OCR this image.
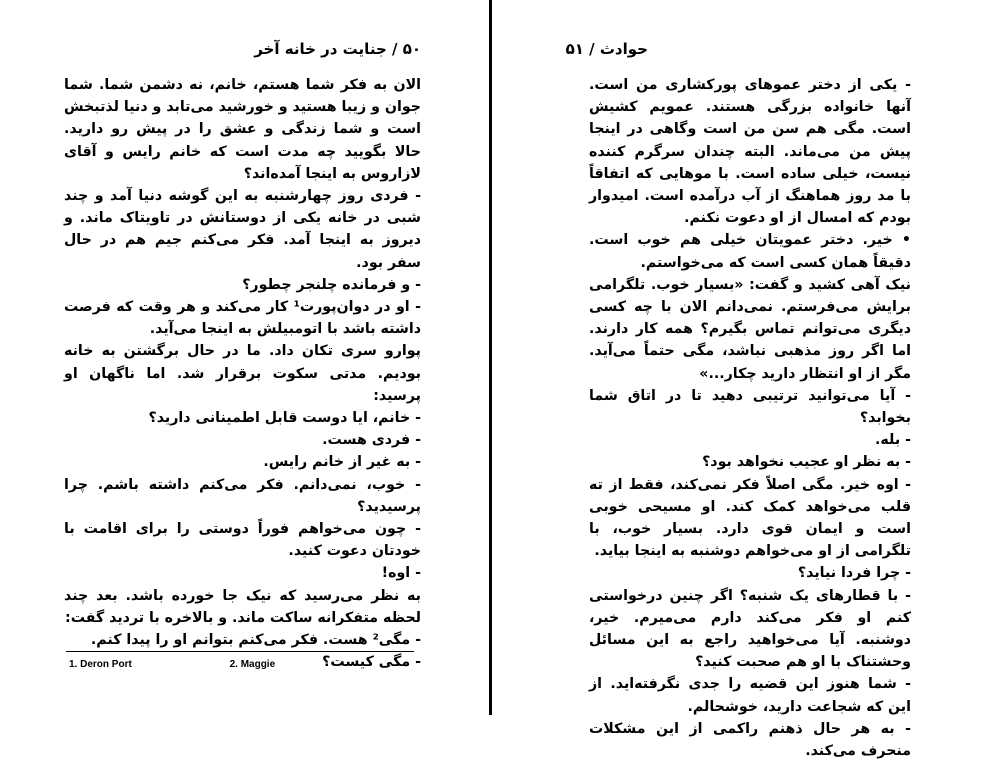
۵۰ / جنایت در خانه آخر

الان به فکر شما هستم، خانم، نه دشمن شما. شما جوان و زیبا هستید و خورشید می‌تابد و دنیا لذتبخش است و شما زندگی و عشق را در پیش رو دارید. حالا بگویید چه مدت است که خانم رایس و آقای لازاروس به اینجا آمده‌اند؟

- فردی روز چهارشنبه به این گوشه دنیا آمد و چند شبی در خانه یکی از دوستانش در تاویتاک ماند. و دیروز به اینجا آمد. فکر می‌کنم جیم هم در حال سفر بود.

- و فرمانده چلنجر چطور؟

- او در دوان‌پورت¹ کار می‌کند و هر وقت که فرصت داشته باشد با اتومبیلش به اینجا می‌آید.

پوارو سری تکان داد. ما در حال برگشتن به خانه بودیم. مدتی سکوت برقرار شد. اما ناگهان او پرسید:

- خانم، ایا دوست قابل اطمینانی دارید؟

- فردی هست.

- به غیر از خانم رایس.

- خوب، نمی‌دانم. فکر می‌کنم داشته باشم. چرا پرسیدید؟

- چون می‌خواهم فوراً دوستی را برای اقامت با خودتان دعوت کنید.

- اوه!

به نظر می‌رسید که نیک جا خورده باشد. بعد چند لحظه متفکرانه ساکت ماند. و بالاخره با تردید گفت:

- مگی² هست. فکر می‌کنم بتوانم او را پیدا کنم.

- مگی کیست؟

1. Deron Port	2. Maggie
حوادث / ۵۱

- یکی از دختر عموهای پورکشاری من است. آنها خانواده بزرگی هستند. عمویم کشیش است. مگی هم سن من است وگاهی در اینجا پیش من می‌ماند. البته چندان سرگرم کننده نیست، خیلی ساده است. با موهایی که اتفاقاً با مد روز هماهنگ از آب درآمده است. امیدوار بودم که امسال از او دعوت نکنم.

• خیر. دختر عمویتان خیلی هم خوب است. دقیقاً همان کسی است که می‌خواستم.

نیک آهی کشید و گفت: «بسیار خوب. تلگرامی برایش می‌فرستم. نمی‌دانم الان با چه کسی دیگری می‌توانم تماس بگیرم؟ همه کار دارند. اما اگر روز مذهبی نباشد، مگی حتماً می‌آید. مگر از او انتظار دارید چکار...»

- آیا می‌توانید ترتیبی دهید تا در اتاق شما بخوابد؟

- بله.

- به نظر او عجیب نخواهد بود؟

- اوه خیر. مگی اصلاً فکر نمی‌کند، فقط از ته قلب می‌خواهد کمک کند. او مسیحی خوبی است و ایمان قوی دارد. بسیار خوب، با تلگرامی از او می‌خواهم دوشنبه به اینجا بیاید.

- چرا فردا نیاید؟

- با قطارهای یک شنبه؟ اگر چنین درخواستی کنم او فکر می‌کند دارم می‌میرم. خیر، دوشنبه. آیا می‌خواهید راجع به این مسائل وحشتناک با او هم صحبت کنید؟

- شما هنوز این قضیه را جدی نگرفته‌اید. از این که شجاعت دارید، خوشحالم.

- به هر حال ذهنم راکمی از این مشکلات منحرف می‌کند.
